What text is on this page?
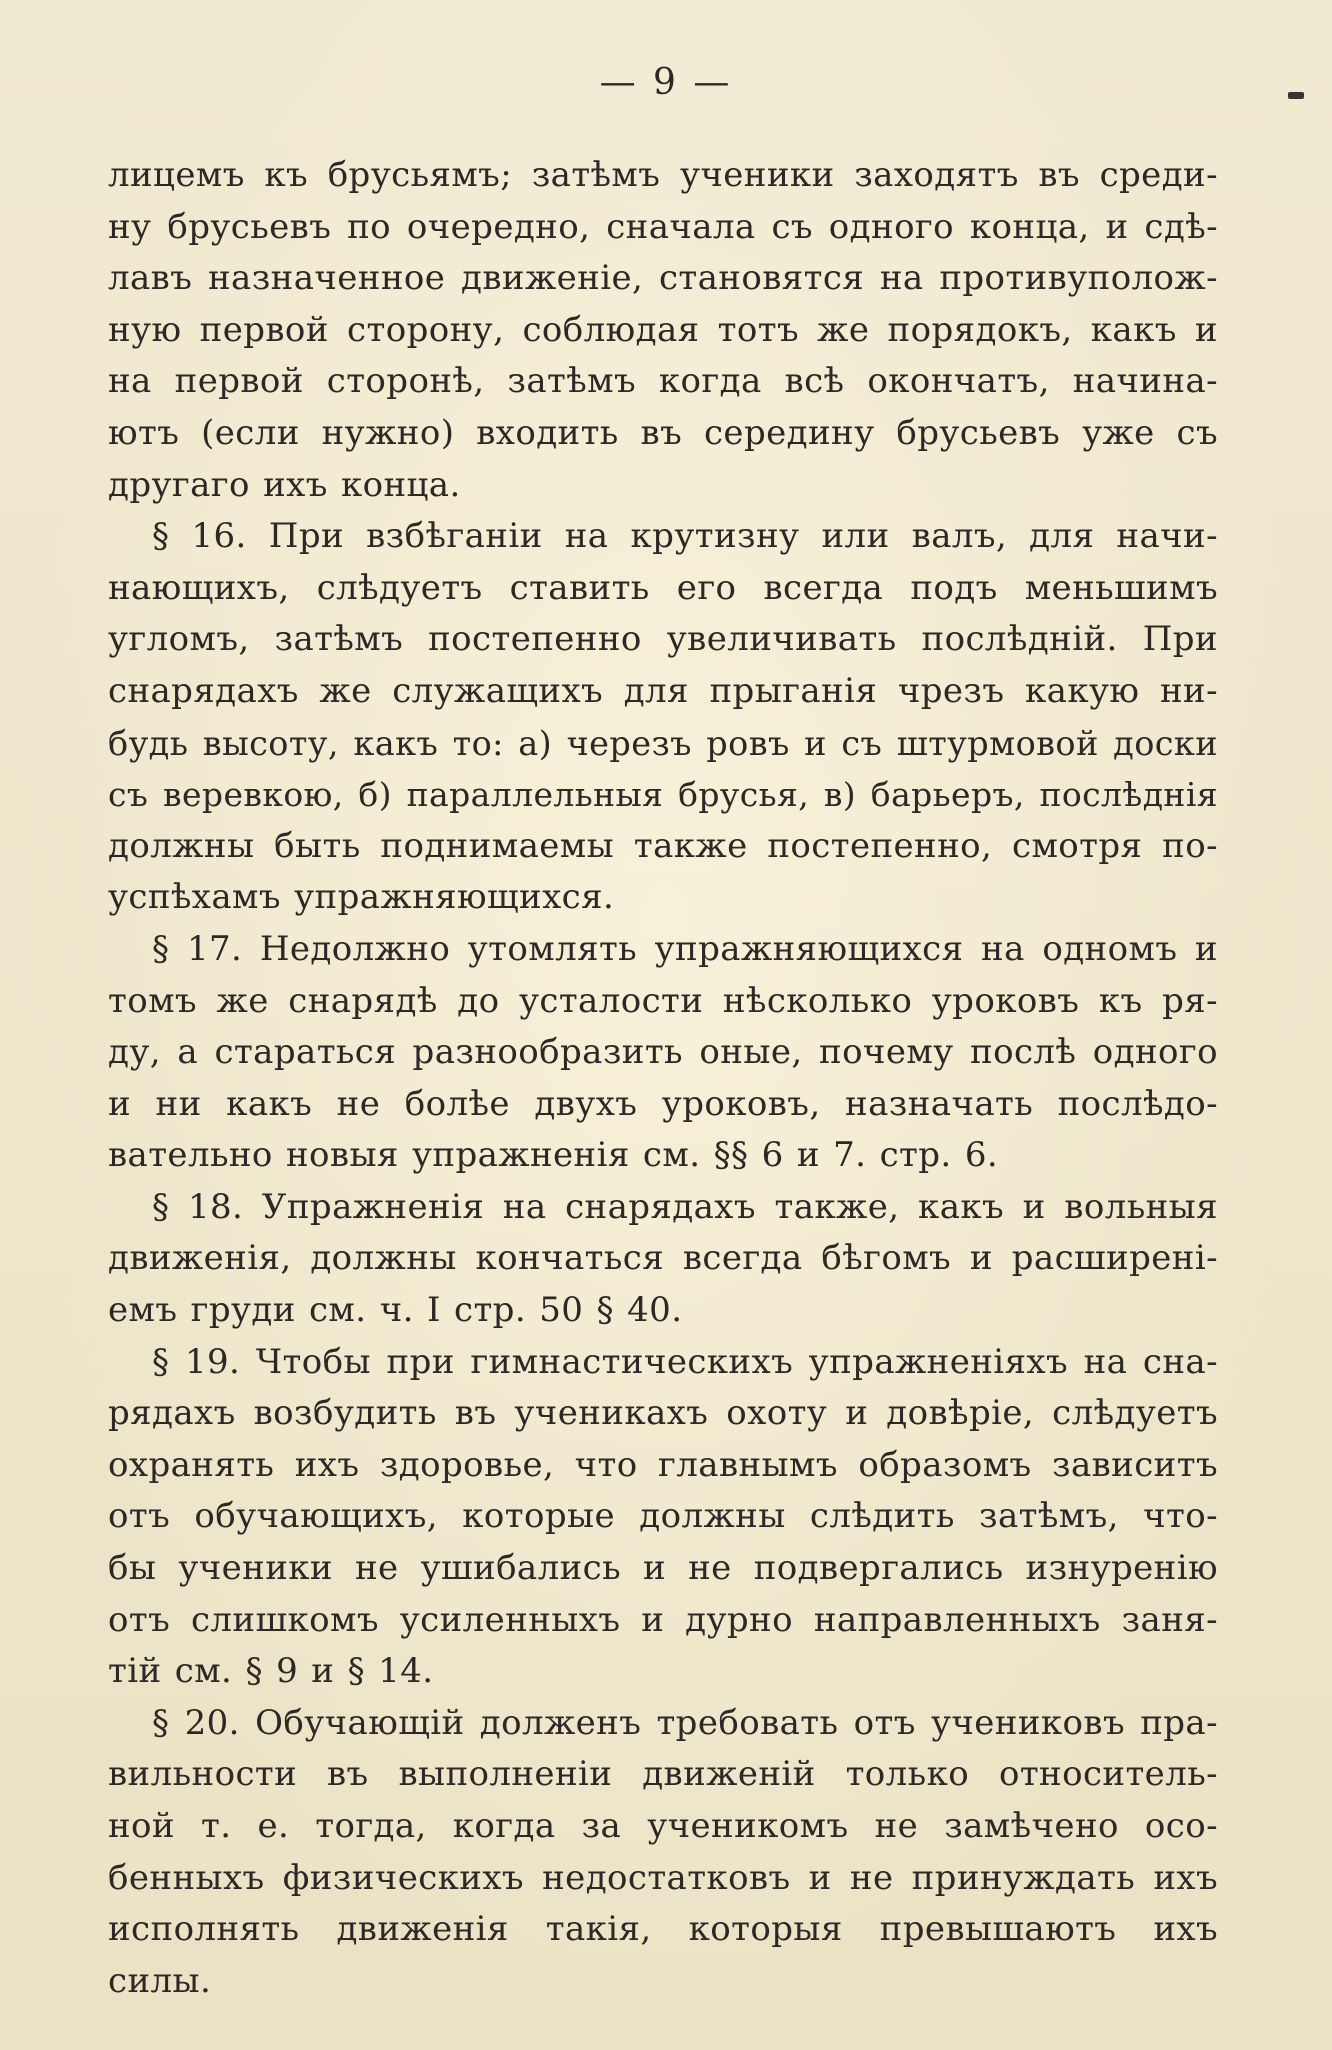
— 9 —
лицемъ къ брусьямъ; затѣмъ ученики заходятъ въ среди-
ну брусьевъ по очередно, сначала съ одного конца, и сдѣ-
лавъ назначенное движеніе, становятся на противуполож-
ную первой сторону, соблюдая тотъ же порядокъ, какъ и
на первой сторонѣ, затѣмъ когда всѣ окончатъ, начина-
ютъ (если нужно) входить въ середину брусьевъ уже съ
другаго ихъ конца.
§ 16. При взбѣганіи на крутизну или валъ, для начи-
нающихъ, слѣдуетъ ставить его всегда подъ меньшимъ
угломъ, затѣмъ постепенно увеличивать послѣдній. При
снарядахъ же служащихъ для прыганія чрезъ какую ни-
будь высоту, какъ то: а) черезъ ровъ и съ штурмовой доски
съ веревкою, б) параллельныя брусья, в) барьеръ, послѣднія
должны быть поднимаемы также постепенно, смотря по-
успѣхамъ упражняющихся.
§ 17. Недолжно утомлять упражняющихся на одномъ и
томъ же снарядѣ до усталости нѣсколько уроковъ къ ря-
ду, а стараться разнообразить оные, почему послѣ одного
и ни какъ не болѣе двухъ уроковъ, назначать послѣдо-
вательно новыя упражненія см. §§ 6 и 7. стр. 6.
§ 18. Упражненія на снарядахъ также, какъ и вольныя
движенія, должны кончаться всегда бѣгомъ и расширені-
емъ груди см. ч. I стр. 50 § 40.
§ 19. Чтобы при гимнастическихъ упражненіяхъ на сна-
рядахъ возбудить въ ученикахъ охоту и довѣріе, слѣдуетъ
охранять ихъ здоровье, что главнымъ образомъ зависитъ
отъ обучающихъ, которые должны слѣдить затѣмъ, что-
бы ученики не ушибались и не подвергались изнуренію
отъ слишкомъ усиленныхъ и дурно направленныхъ заня-
тій см. § 9 и § 14.
§ 20. Обучающій долженъ требовать отъ учениковъ пра-
вильности въ выполненіи движеній только относитель-
ной т. е. тогда, когда за ученикомъ не замѣчено осо-
бенныхъ физическихъ недостатковъ и не принуждать ихъ
исполнять движенія такія, которыя превышаютъ ихъ
силы.
